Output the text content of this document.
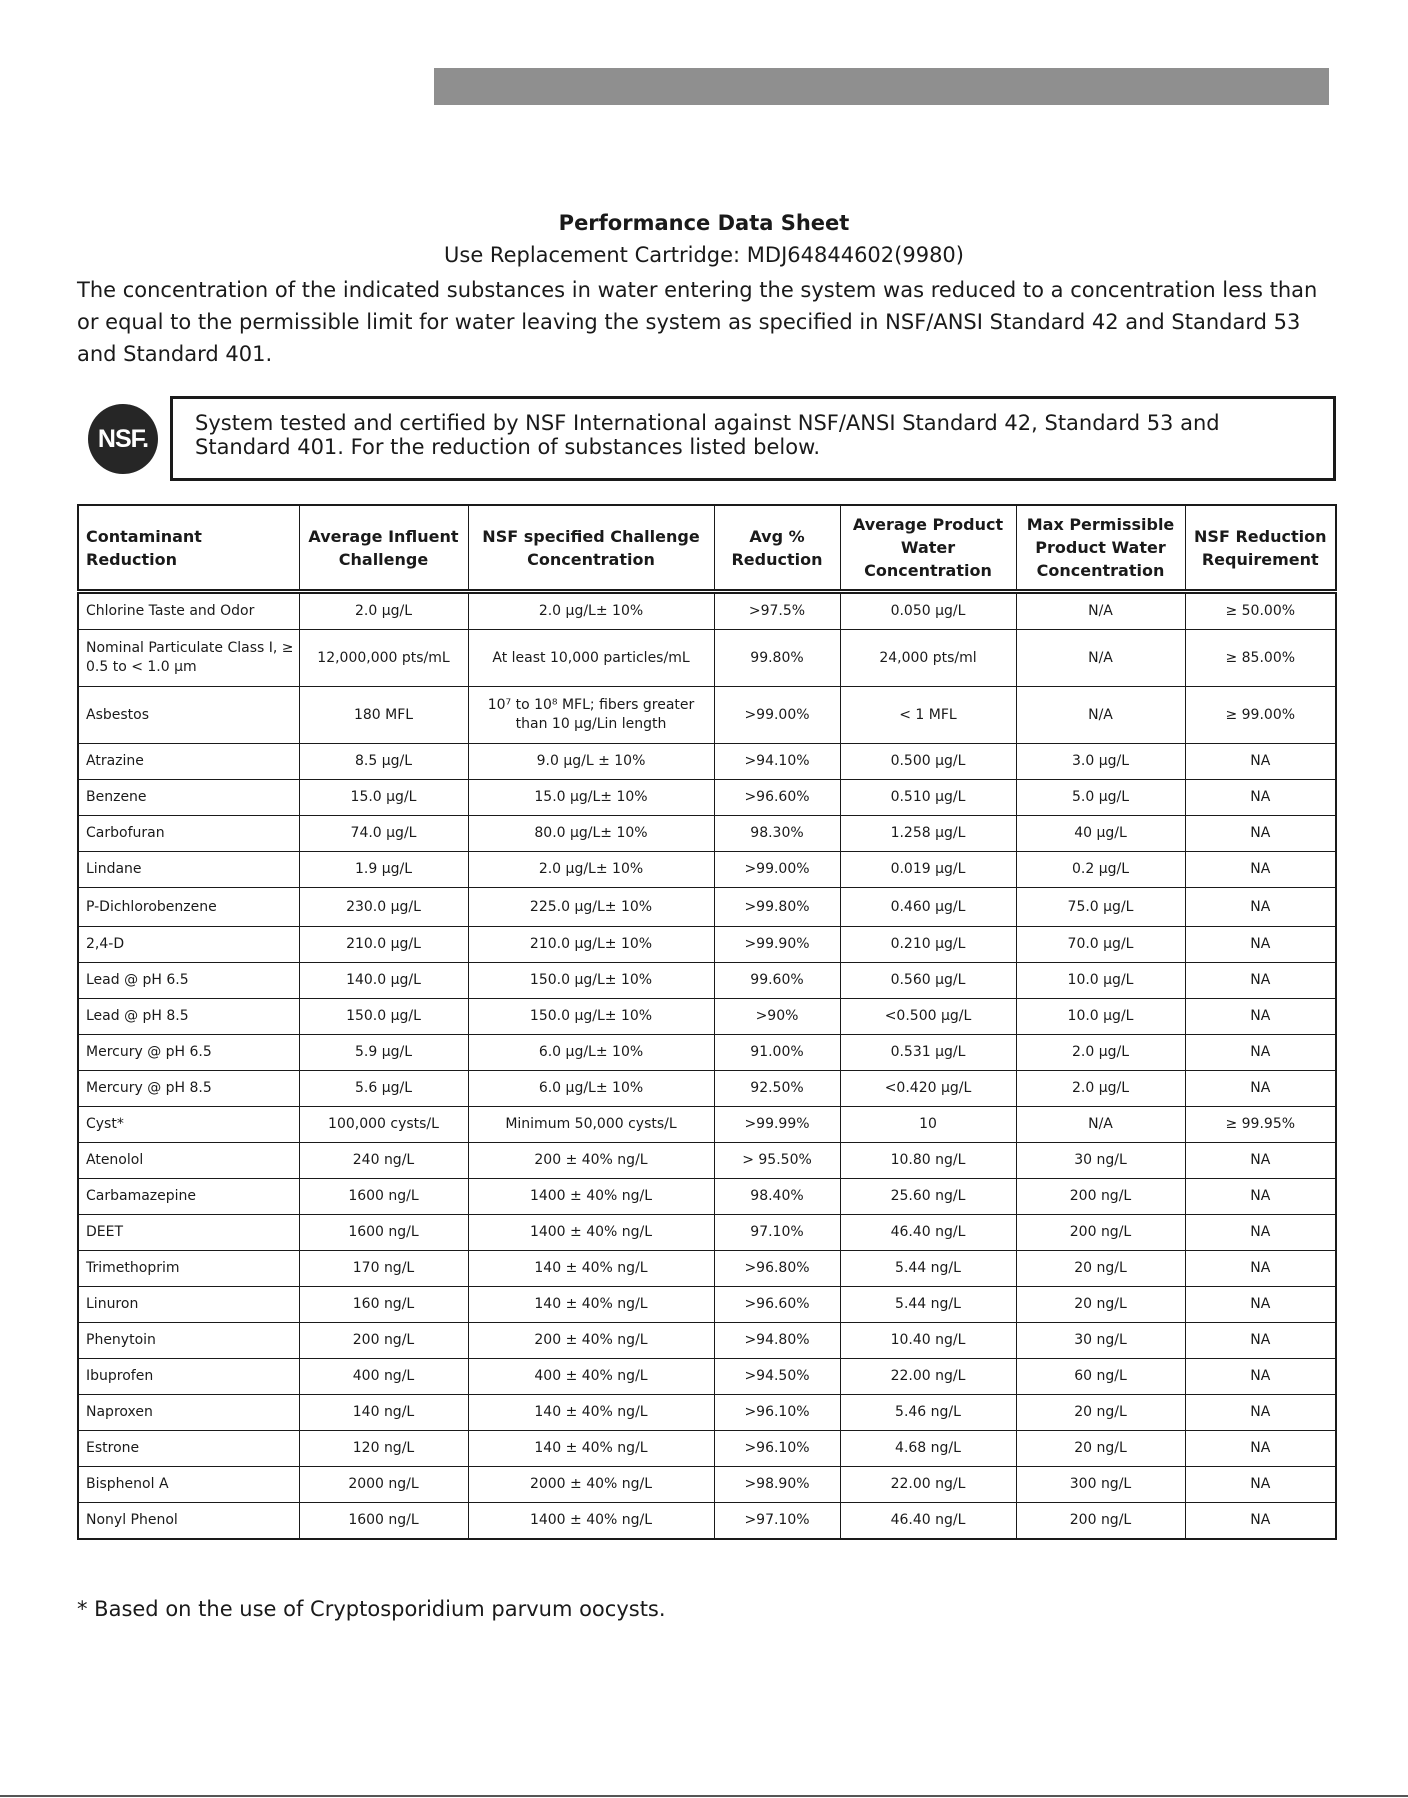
Performance Data Sheet
Use Replacement Cartridge: MDJ64844602(9980)

The concentration of the indicated substances in water entering the system was reduced to a concentration less than or equal to the permissible limit for water leaving the system as specified in NSF/ANSI Standard 42 and Standard 53 and Standard 401.

NSF.

System tested and certified by NSF International against NSF/ANSI Standard 42, Standard 53 and Standard 401. For the reduction of substances listed below.

Contaminant Reduction	Average Influent Challenge	NSF specified Challenge Concentration	Avg % Reduction	Average Product Water Concentration	Max Permissible Product Water Concentration	NSF Reduction Requirement
Chlorine Taste and Odor	2.0 µg/L	2.0 µg/L± 10%	>97.5%	0.050 µg/L	N/A	≥ 50.00%
Nominal Particulate Class I, ≥ 0.5 to < 1.0 µm	12,000,000 pts/mL	At least 10,000 particles/mL	99.80%	24,000 pts/ml	N/A	≥ 85.00%
Asbestos	180 MFL	10⁷ to 10⁸ MFL; fibers greater than 10 µg/Lin length	>99.00%	< 1 MFL	N/A	≥ 99.00%
Atrazine	8.5 µg/L	9.0 µg/L ± 10%	>94.10%	0.500 µg/L	3.0 µg/L	NA
Benzene	15.0 µg/L	15.0 µg/L± 10%	>96.60%	0.510 µg/L	5.0 µg/L	NA
Carbofuran	74.0 µg/L	80.0 µg/L± 10%	98.30%	1.258 µg/L	40 µg/L	NA
Lindane	1.9 µg/L	2.0 µg/L± 10%	>99.00%	0.019 µg/L	0.2 µg/L	NA
P-Dichlorobenzene	230.0 µg/L	225.0 µg/L± 10%	>99.80%	0.460 µg/L	75.0 µg/L	NA
2,4-D	210.0 µg/L	210.0 µg/L± 10%	>99.90%	0.210 µg/L	70.0 µg/L	NA
Lead @ pH 6.5	140.0 µg/L	150.0 µg/L± 10%	99.60%	0.560 µg/L	10.0 µg/L	NA
Lead @ pH 8.5	150.0 µg/L	150.0 µg/L± 10%	>90%	<0.500 µg/L	10.0 µg/L	NA
Mercury @ pH 6.5	5.9 µg/L	6.0 µg/L± 10%	91.00%	0.531 µg/L	2.0 µg/L	NA
Mercury @ pH 8.5	5.6 µg/L	6.0 µg/L± 10%	92.50%	<0.420 µg/L	2.0 µg/L	NA
Cyst*	100,000 cysts/L	Minimum 50,000 cysts/L	>99.99%	10	N/A	≥ 99.95%
Atenolol	240 ng/L	200 ± 40% ng/L	> 95.50%	10.80 ng/L	30 ng/L	NA
Carbamazepine	1600 ng/L	1400 ± 40% ng/L	98.40%	25.60 ng/L	200 ng/L	NA
DEET	1600 ng/L	1400 ± 40% ng/L	97.10%	46.40 ng/L	200 ng/L	NA
Trimethoprim	170 ng/L	140 ± 40% ng/L	>96.80%	5.44 ng/L	20 ng/L	NA
Linuron	160 ng/L	140 ± 40% ng/L	>96.60%	5.44 ng/L	20 ng/L	NA
Phenytoin	200 ng/L	200 ± 40% ng/L	>94.80%	10.40 ng/L	30 ng/L	NA
Ibuprofen	400 ng/L	400 ± 40% ng/L	>94.50%	22.00 ng/L	60 ng/L	NA
Naproxen	140 ng/L	140 ± 40% ng/L	>96.10%	5.46 ng/L	20 ng/L	NA
Estrone	120 ng/L	140 ± 40% ng/L	>96.10%	4.68 ng/L	20 ng/L	NA
Bisphenol A	2000 ng/L	2000 ± 40% ng/L	>98.90%	22.00 ng/L	300 ng/L	NA
Nonyl Phenol	1600 ng/L	1400 ± 40% ng/L	>97.10%	46.40 ng/L	200 ng/L	NA

* Based on the use of Cryptosporidium parvum oocysts.
